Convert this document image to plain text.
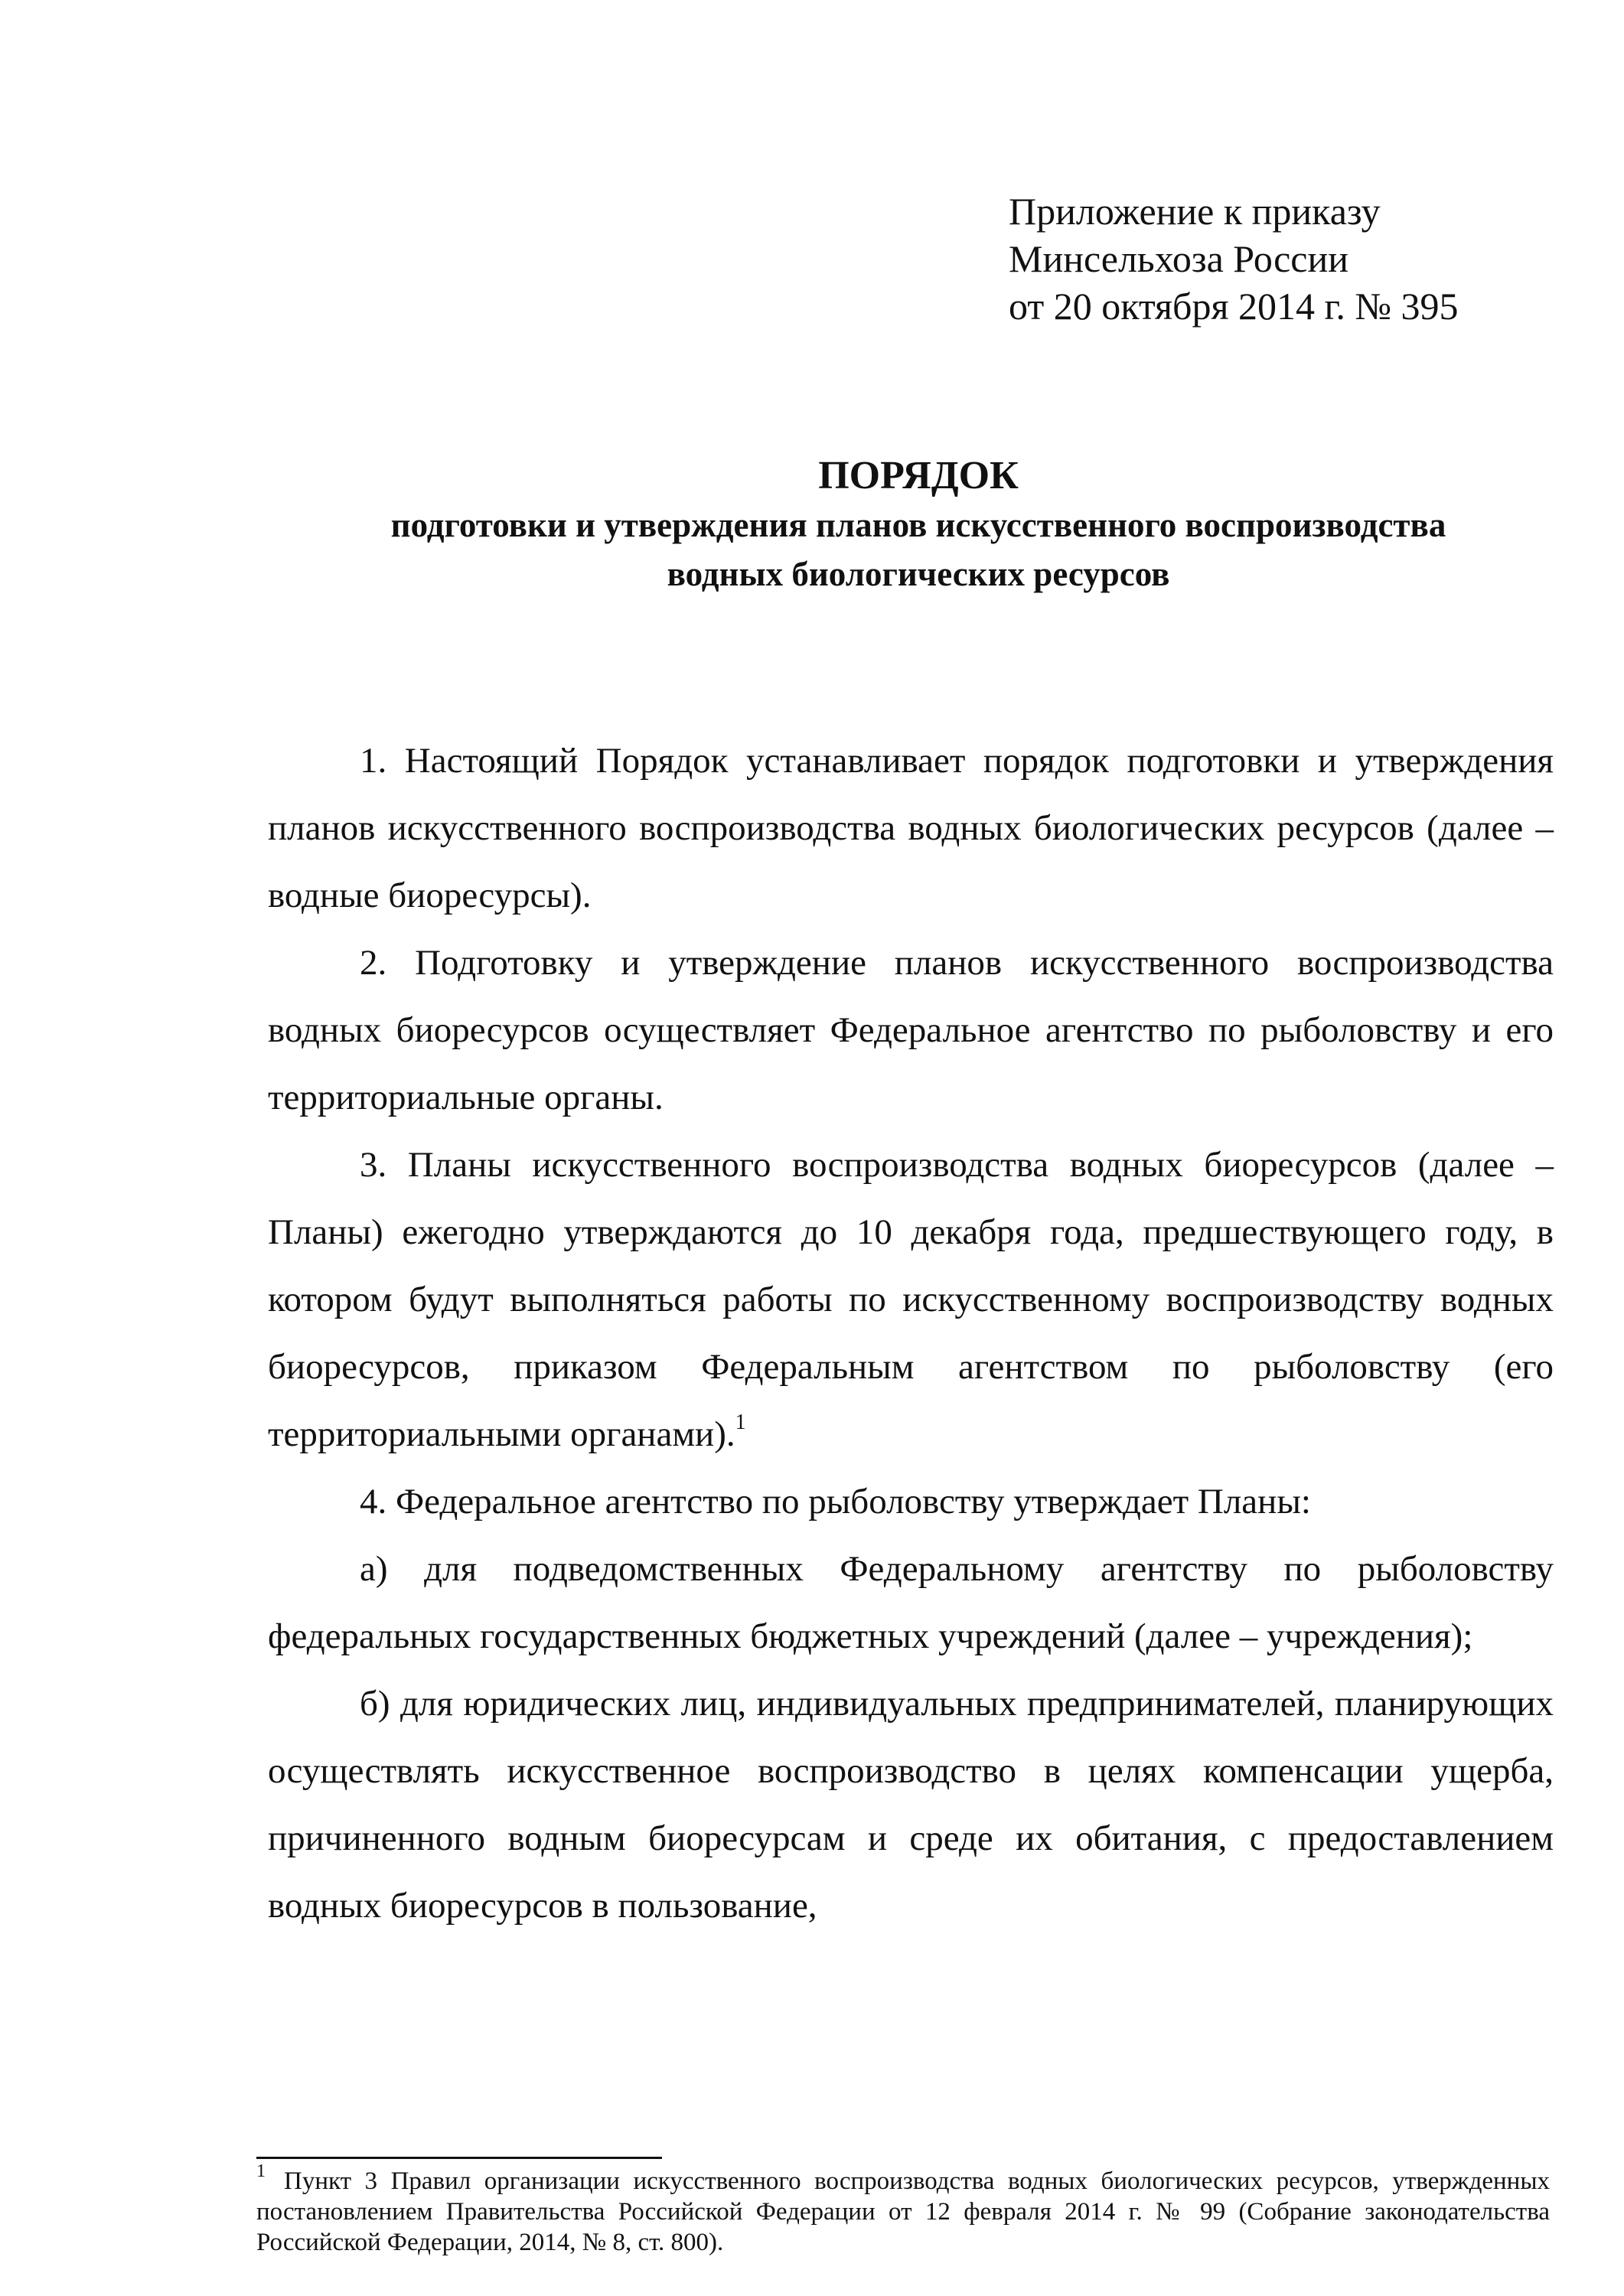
Приложение к приказу
Минсельхоза России
от 20 октября 2014 г. № 395
ПОРЯДОК
подготовки и утверждения планов искусственного воспроизводства
водных биологических ресурсов

1. Настоящий Порядок устанавливает порядок подготовки и утверждения планов искусственного воспроизводства водных биологических ресурсов (далее – водные биоресурсы).

2. Подготовку и утверждение планов искусственного воспроизводства водных биоресурсов осуществляет Федеральное агентство по рыболовству и его территориальные органы.

3. Планы искусственного воспроизводства водных биоресурсов (далее – Планы) ежегодно утверждаются до 10 декабря года, предшествующего году, в котором будут выполняться работы по искусственному воспроизводству водных биоресурсов, приказом Федеральным агентством по рыболовству (его территориальными органами).$^1$

4. Федеральное агентство по рыболовству утверждает Планы:

а) для подведомственных Федеральному агентству по рыболовству федеральных государственных бюджетных учреждений (далее – учреждения);

б) для юридических лиц, индивидуальных предпринимателей, планирующих осуществлять искусственное воспроизводство в целях компенсации ущерба, причиненного водным биоресурсам и среде их обитания, с предоставлением водных биоресурсов в пользование,

$^1$ Пункт 3 Правил организации искусственного воспроизводства водных биологических ресурсов, утвержденных постановлением Правительства Российской Федерации от 12 февраля 2014 г. № 99 (Собрание законодательства Российской Федерации, 2014, № 8, ст. 800).
